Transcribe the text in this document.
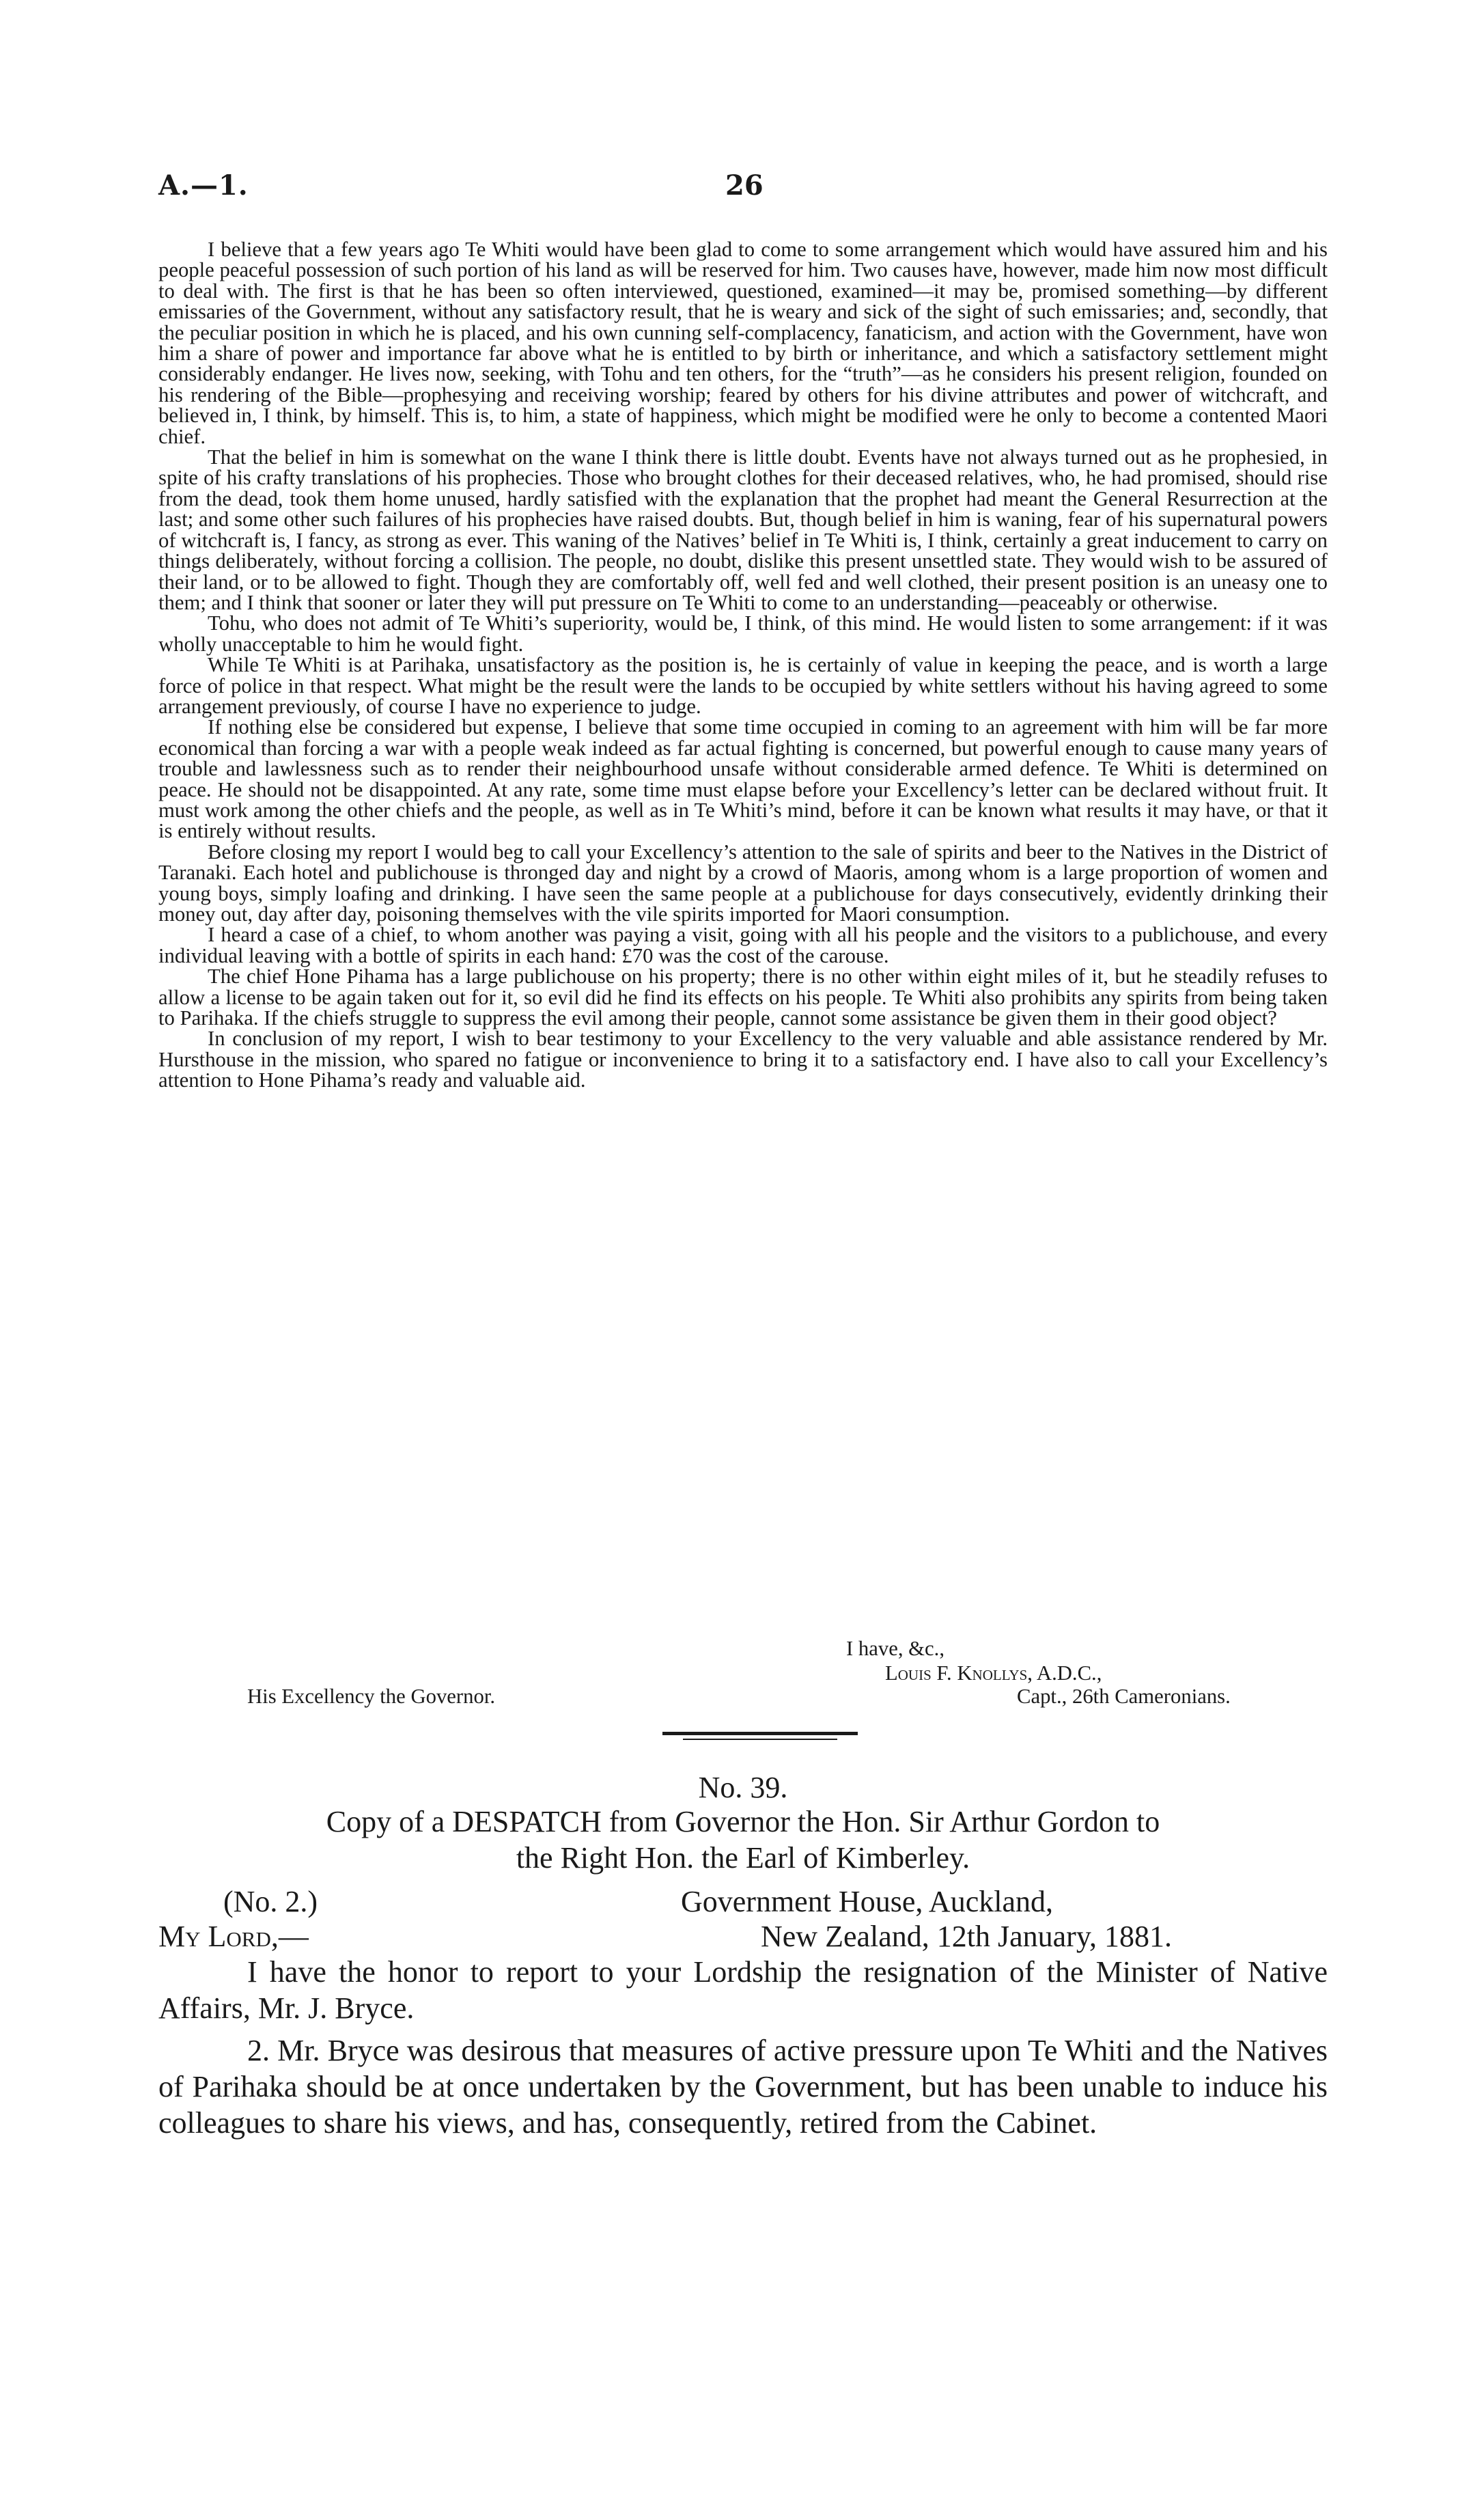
A.—1.	26

I believe that a few years ago Te Whiti would have been glad to come to some arrangement which would have assured him and his people peaceful possession of such portion of his land as will be reserved for him. Two causes have, however, made him now most difficult to deal with. The first is that he has been so often interviewed, questioned, examined—it may be, promised something—by different emissaries of the Government, without any satisfactory result, that he is weary and sick of the sight of such emissaries; and, secondly, that the peculiar position in which he is placed, and his own cunning self-complacency, fanaticism, and action with the Government, have won him a share of power and importance far above what he is entitled to by birth or inheritance, and which a satisfactory settlement might considerably endanger. He lives now, seeking, with Tohu and ten others, for the “truth”—as he considers his present religion, founded on his rendering of the Bible—prophesying and receiving worship; feared by others for his divine attributes and power of witchcraft, and believed in, I think, by himself. This is, to him, a state of happiness, which might be modified were he only to become a contented Maori chief.

That the belief in him is somewhat on the wane I think there is little doubt. Events have not always turned out as he prophesied, in spite of his crafty translations of his prophecies. Those who brought clothes for their deceased relatives, who, he had promised, should rise from the dead, took them home unused, hardly satisfied with the explanation that the prophet had meant the General Resurrection at the last; and some other such failures of his prophecies have raised doubts. But, though belief in him is waning, fear of his supernatural powers of witchcraft is, I fancy, as strong as ever. This waning of the Natives’ belief in Te Whiti is, I think, certainly a great inducement to carry on things deliberately, without forcing a collision. The people, no doubt, dislike this present unsettled state. They would wish to be assured of their land, or to be allowed to fight. Though they are comfortably off, well fed and well clothed, their present position is an uneasy one to them; and I think that sooner or later they will put pressure on Te Whiti to come to an understanding—peaceably or otherwise.

Tohu, who does not admit of Te Whiti’s superiority, would be, I think, of this mind. He would listen to some arrangement: if it was wholly unacceptable to him he would fight.

While Te Whiti is at Parihaka, unsatisfactory as the position is, he is certainly of value in keeping the peace, and is worth a large force of police in that respect. What might be the result were the lands to be occupied by white settlers without his having agreed to some arrangement previously, of course I have no experience to judge.

If nothing else be considered but expense, I believe that some time occupied in coming to an agreement with him will be far more economical than forcing a war with a people weak indeed as far actual fighting is concerned, but powerful enough to cause many years of trouble and lawlessness such as to render their neighbourhood unsafe without considerable armed defence. Te Whiti is determined on peace. He should not be disappointed. At any rate, some time must elapse before your Excellency’s letter can be declared without fruit. It must work among the other chiefs and the people, as well as in Te Whiti’s mind, before it can be known what results it may have, or that it is entirely without results.

Before closing my report I would beg to call your Excellency’s attention to the sale of spirits and beer to the Natives in the District of Taranaki. Each hotel and publichouse is thronged day and night by a crowd of Maoris, among whom is a large proportion of women and young boys, simply loafing and drinking. I have seen the same people at a publichouse for days consecutively, evidently drinking their money out, day after day, poisoning themselves with the vile spirits imported for Maori consumption.

I heard a case of a chief, to whom another was paying a visit, going with all his people and the visitors to a publichouse, and every individual leaving with a bottle of spirits in each hand: £70 was the cost of the carouse.

The chief Hone Pihama has a large publichouse on his property; there is no other within eight miles of it, but he steadily refuses to allow a license to be again taken out for it, so evil did he find its effects on his people. Te Whiti also prohibits any spirits from being taken to Parihaka. If the chiefs struggle to suppress the evil among their people, cannot some assistance be given them in their good object?

In conclusion of my report, I wish to bear testimony to your Excellency to the very valuable and able assistance rendered by Mr. Hursthouse in the mission, who spared no fatigue or inconvenience to bring it to a satisfactory end. I have also to call your Excellency’s attention to Hone Pihama’s ready and valuable aid.

I have, &c.,
Louis F. Knollys, A.D.C.,
His Excellency the Governor.	Capt., 26th Cameronians.
No. 39.
Copy of a DESPATCH from Governor the Hon. Sir Arthur Gordon to
the Right Hon. the Earl of Kimberley.
(No. 2.)	Government House, Auckland,
My Lord,—	New Zealand, 12th January, 1881.
I have the honor to report to your Lordship the resignation of the Minister of Native Affairs, Mr. J. Bryce.
2. Mr. Bryce was desirous that measures of active pressure upon Te Whiti and the Natives of Parihaka should be at once undertaken by the Government, but has been unable to induce his colleagues to share his views, and has, consequently, retired from the Cabinet.
